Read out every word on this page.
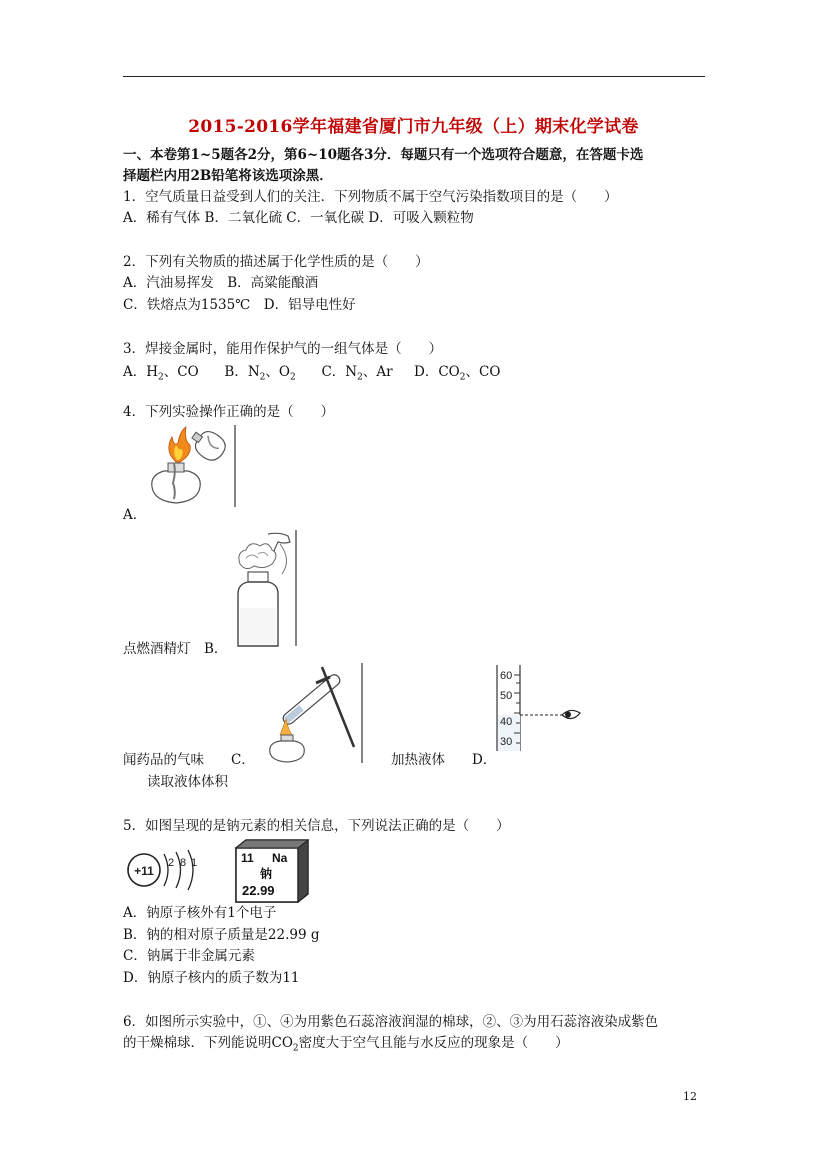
2015-2016学年福建省厦门市九年级（上）期末化学试卷
一、本卷第1~5题各2分，第6~10题各3分．每题只有一个选项符合题意，在答题卡选
择题栏内用2B铅笔将该选项涂黑．
1．空气质量日益受到人们的关注．下列物质不属于空气污染指数项目的是（　　）
A．稀有气体 B．二氧化硫 C．一氧化碳 D．可吸入颗粒物
2．下列有关物质的描述属于化学性质的是（　　）
A．汽油易挥发　B．高粱能酿酒
C．铁熔点为1535℃　D．铝导电性好
3．焊接金属时，能用作保护气的一组气体是（　　）
A．$H_2$、CO B．$N_2$、$O_2$ C．$N_2$、Ar D．$CO_2$、CO
4．下列实验操作正确的是（　　）
A．
点燃酒精灯　B．
60
50
40
30
闻药品的气味　　C．	加热液体　　D．
读取液体体积
5．如图呈现的是钠元素的相关信息，下列说法正确的是（　　）
+11
2 8 1	11 Na
钠
22.99
A．钠原子核外有1个电子
B．钠的相对原子质量是22.99 g
C．钠属于非金属元素
D．钠原子核内的质子数为11
6．如图所示实验中，①、④为用紫色石蕊溶液润湿的棉球，②、③为用石蕊溶液染成紫色
的干燥棉球．下列能说明$CO_2$密度大于空气且能与水反应的现象是（　　）
12
